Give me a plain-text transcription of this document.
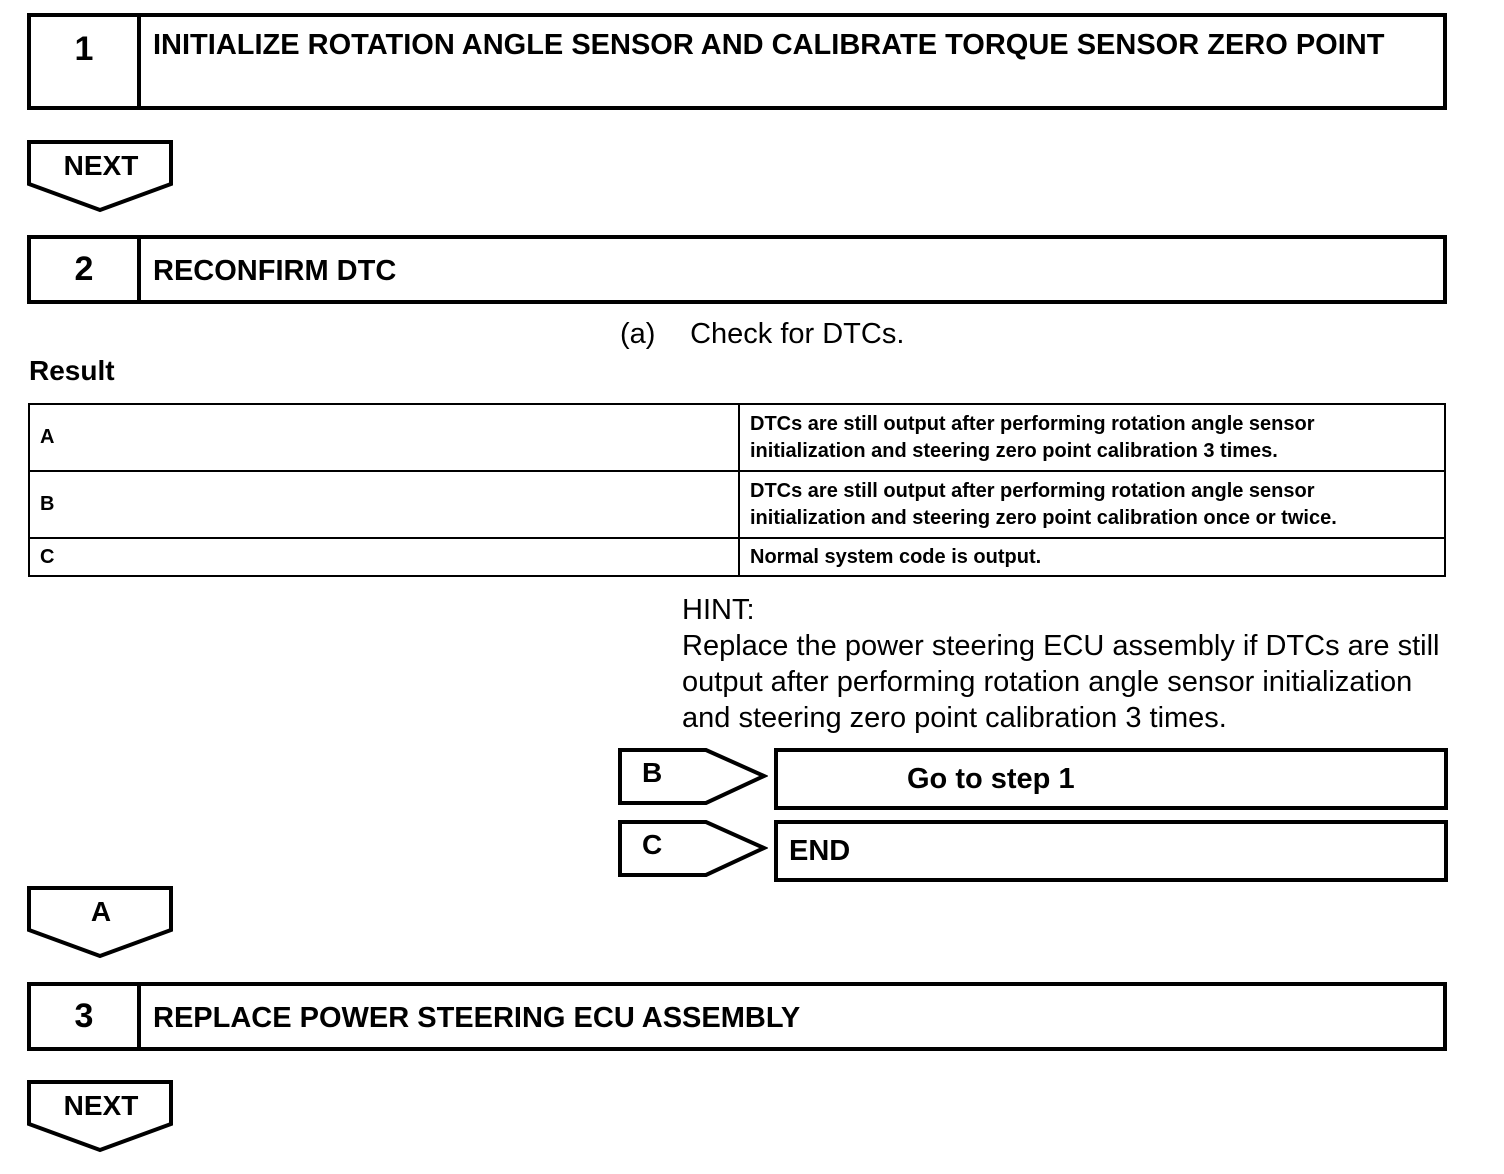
1	INITIALIZE ROTATION ANGLE SENSOR AND CALIBRATE TORQUE SENSOR ZERO POINT
NEXT
2	RECONFIRM DTC
(a) Check for DTCs.
Result
A	DTCs are still output after performing rotation angle sensor initialization and steering zero point calibration 3 times.
B	DTCs are still output after performing rotation angle sensor initialization and steering zero point calibration once or twice.
C	Normal system code is output.
HINT:
Replace the power steering ECU assembly if DTCs are still output after performing rotation angle sensor initialization and steering zero point calibration 3 times.
B	Go to step 1
C	END
A
3	REPLACE POWER STEERING ECU ASSEMBLY
NEXT
